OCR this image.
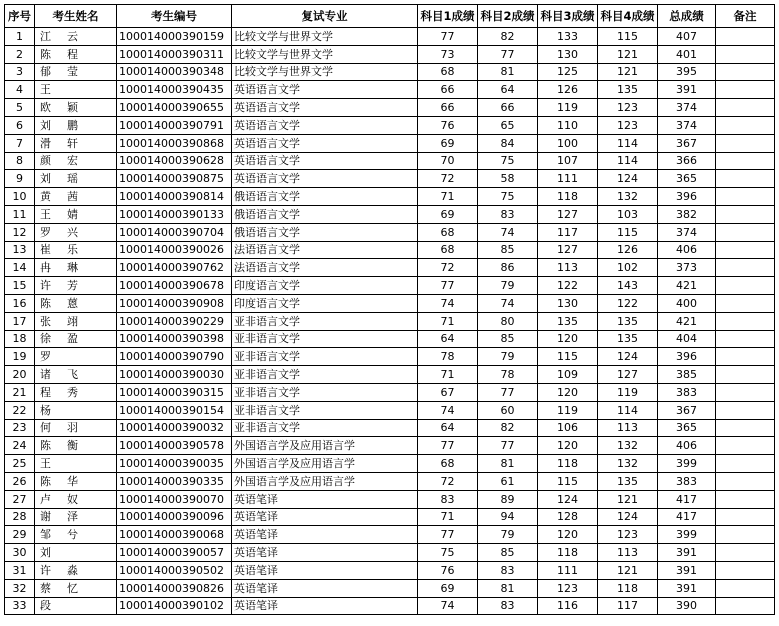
序号	考生姓名	考生编号	复试专业	科目1成绩	科目2成绩	科目3成绩	科目4成绩	总成绩	备注
1	江 云	100014000390159	比较文学与世界文学	77	82	133	115	407	
2	陈 程	100014000390311	比较文学与世界文学	73	77	130	121	401	
3	郁 莹	100014000390348	比较文学与世界文学	68	81	125	121	395	
4	王	100014000390435	英语语言文学	66	64	126	135	391	
5	欧 颖	100014000390655	英语语言文学	66	66	119	123	374	
6	刘 鹏	100014000390791	英语语言文学	76	65	110	123	374	
7	滑 轩	100014000390868	英语语言文学	69	84	100	114	367	
8	颜 宏	100014000390628	英语语言文学	70	75	107	114	366	
9	刘 瑶	100014000390875	英语语言文学	72	58	111	124	365	
10	黄 茜	100014000390814	俄语语言文学	71	75	118	132	396	
11	王 婧	100014000390133	俄语语言文学	69	83	127	103	382	
12	罗 兴	100014000390704	俄语语言文学	68	74	117	115	374	
13	崔 乐	100014000390026	法语语言文学	68	85	127	126	406	
14	冉 琳	100014000390762	法语语言文学	72	86	113	102	373	
15	许 芳	100014000390678	印度语言文学	77	79	122	143	421	
16	陈 蒽	100014000390908	印度语言文学	74	74	130	122	400	
17	张 翊	100014000390229	亚非语言文学	71	80	135	135	421	
18	徐 盈	100014000390398	亚非语言文学	64	85	120	135	404	
19	罗	100014000390790	亚非语言文学	78	79	115	124	396	
20	诸 飞	100014000390030	亚非语言文学	71	78	109	127	385	
21	程 秀	100014000390315	亚非语言文学	67	77	120	119	383	
22	杨	100014000390154	亚非语言文学	74	60	119	114	367	
23	何 羽	100014000390032	亚非语言文学	64	82	106	113	365	
24	陈 衡	100014000390578	外国语言学及应用语言学	77	77	120	132	406	
25	王	100014000390035	外国语言学及应用语言学	68	81	118	132	399	
26	陈 华	100014000390335	外国语言学及应用语言学	72	61	115	135	383	
27	卢 奴	100014000390070	英语笔译	83	89	124	121	417	
28	谢 泽	100014000390096	英语笔译	71	94	128	124	417	
29	邹 兮	100014000390068	英语笔译	77	79	120	123	399	
30	刘	100014000390057	英语笔译	75	85	118	113	391	
31	许 淼	100014000390502	英语笔译	76	83	111	121	391	
32	蔡 忆	100014000390826	英语笔译	69	81	123	118	391	
33	段	100014000390102	英语笔译	74	83	116	117	390	
